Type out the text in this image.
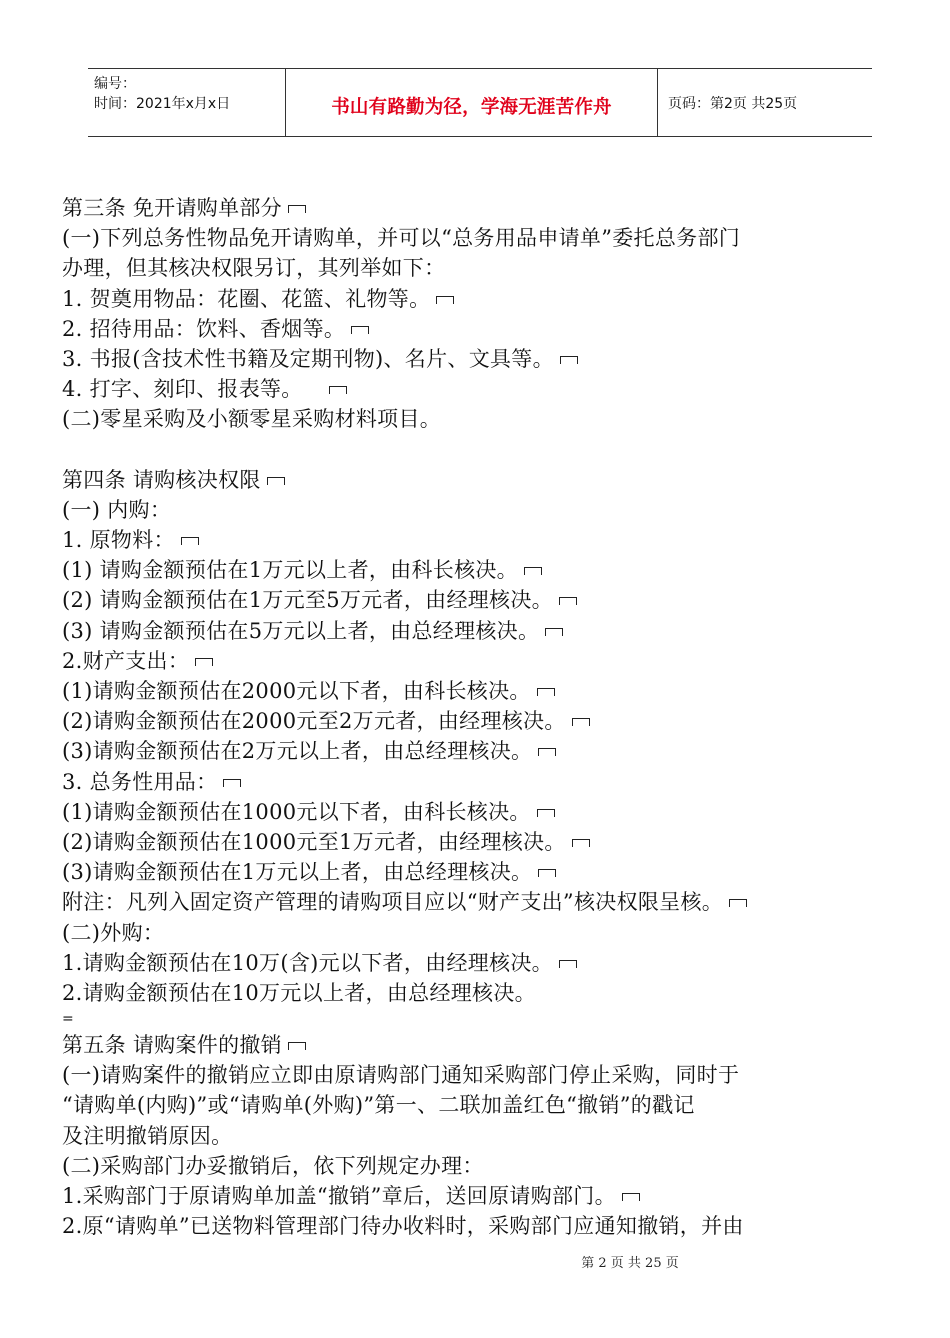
编号：
时间：2021年x月x日	书山有路勤为径，学海无涯苦作舟	页码：第2页 共25页
第三条 免开请购单部分
(一)下列总务性物品免开请购单，并可以“总务用品申请单”委托总务部门
办理，但其核决权限另订，其列举如下：
1. 贺奠用物品：花圈、花篮、礼物等。
2. 招待用品：饮料、香烟等。
3. 书报(含技术性书籍及定期刊物)、名片、文具等。
4. 打字、刻印、报表等。
(二)零星采购及小额零星采购材料项目。
第四条 请购核决权限
(一) 内购：
1. 原物料：
(1) 请购金额预估在1万元以上者，由科长核决。
(2) 请购金额预估在1万元至5万元者，由经理核决。
(3) 请购金额预估在5万元以上者，由总经理核决。
2.财产支出：
(1)请购金额预估在2000元以下者，由科长核决。
(2)请购金额预估在2000元至2万元者，由经理核决。
(3)请购金额预估在2万元以上者，由总经理核决。
3. 总务性用品：
(1)请购金额预估在1000元以下者，由科长核决。
(2)请购金额预估在1000元至1万元者，由经理核决。
(3)请购金额预估在1万元以上者，由总经理核决。
附注：凡列入固定资产管理的请购项目应以“财产支出”核决权限呈核。
(二)外购：
1.请购金额预估在10万(含)元以下者，由经理核决。
2.请购金额预估在10万元以上者，由总经理核决。
=
第五条 请购案件的撤销
(一)请购案件的撤销应立即由原请购部门通知采购部门停止采购，同时于
“请购单(内购)”或“请购单(外购)”第一、二联加盖红色“撤销”的戳记
及注明撤销原因。
(二)采购部门办妥撤销后，依下列规定办理：
1.采购部门于原请购单加盖“撤销”章后，送回原请购部门。
2.原“请购单”已送物料管理部门待办收料时，采购部门应通知撤销，并由
第 2 页 共 25 页
